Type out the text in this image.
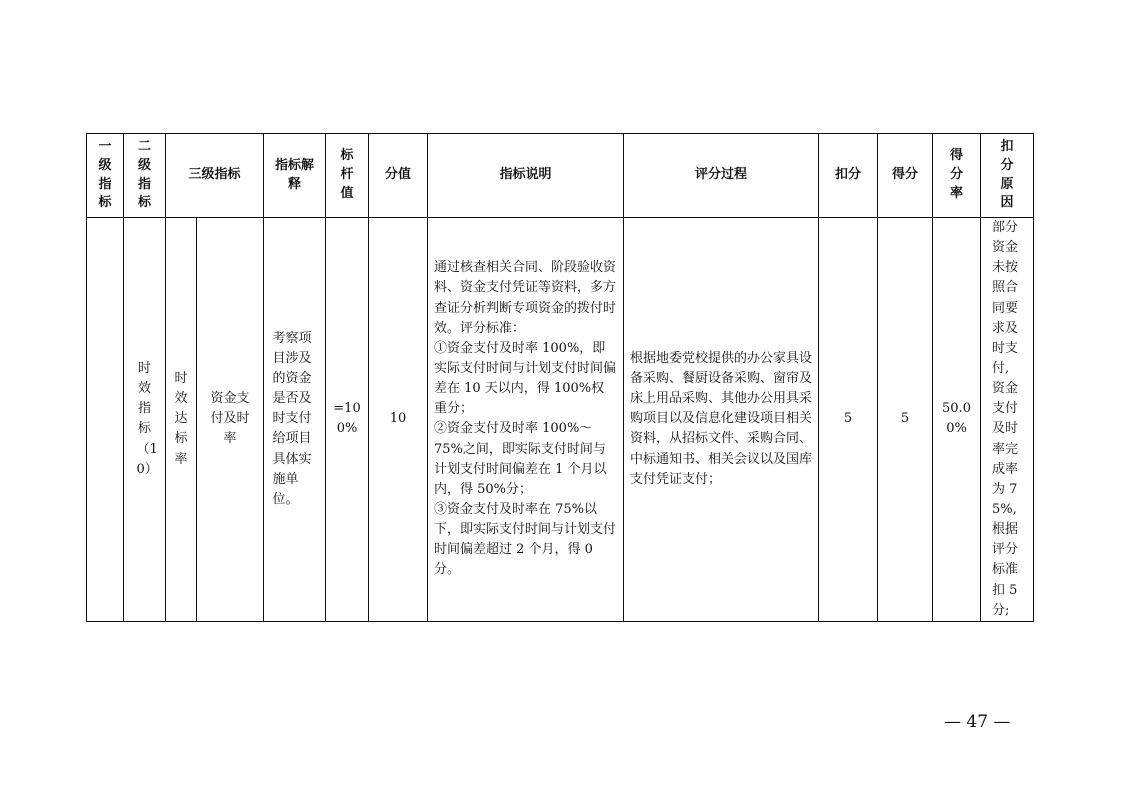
一级指标	二级指标	三级指标		指标解释	标杆值	分值	指标说明	评分过程	扣分	得分	得分率	扣分原因
	时效指标（10）	时效达标率	资金支付及时率	考察项目涉及的资金是否及时支付给项目具体实施单位。	=100%	10	通过核查相关合同、阶段验收资料、资金支付凭证等资料，多方查证分析判断专项资金的拨付时效。评分标准：
①资金支付及时率 100%，即实际支付时间与计划支付时间偏差在 10 天以内，得 100%权重分；
②资金支付及时率 100%～75%之间，即实际支付时间与计划支付时间偏差在 1 个月以内，得 50%分；
③资金支付及时率在 75%以下，即实际支付时间与计划支付时间偏差超过 2 个月，得 0 分。	根据地委党校提供的办公家具设备采购、餐厨设备采购、窗帘及床上用品采购、其他办公用具采购项目以及信息化建设项目相关资料，从招标文件、采购合同、中标通知书、相关会议以及国库支付凭证支付；	5	5	50.00%	部分资金未按照合同要求及时支付,资金支付及时率完成率为 75%,根据评分标准扣 5 分;
— 47 —
